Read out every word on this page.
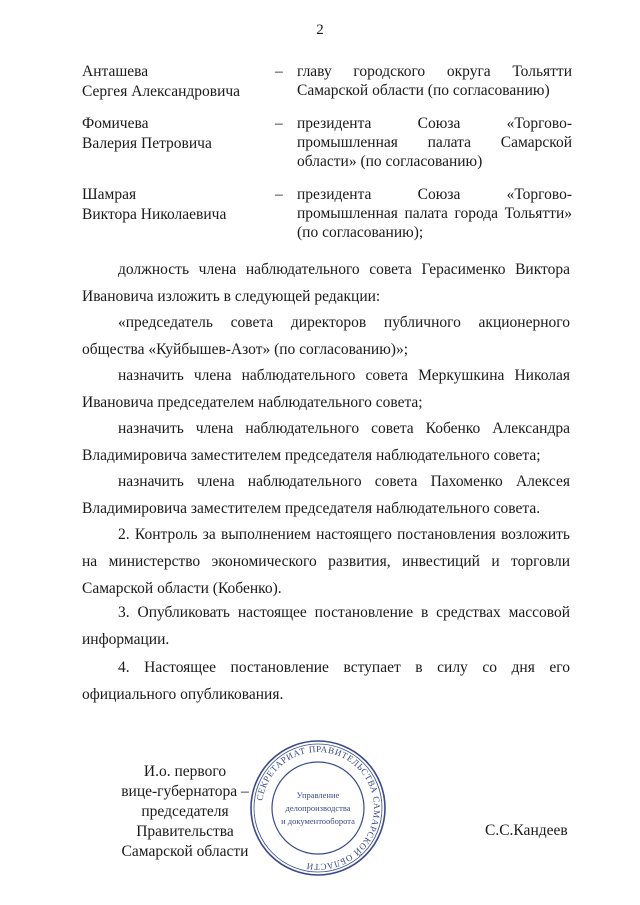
2
Анташева
Сергея Александровича
– главу городского округа Тольятти Самарской области (по согласованию)
Фомичева
Валерия Петровича
– президента Союза «Торгово-промышленная палата Самарской области» (по согласованию)
Шамрая
Виктора Николаевича
– президента Союза «Торгово-промышленная палата города Тольятти» (по согласованию);

должность члена наблюдательного совета Герасименко Виктора Ивановича изложить в следующей редакции:

«председатель совета директоров публичного акционерного общества «Куйбышев-Азот» (по согласованию)»;

назначить члена наблюдательного совета Меркушкина Николая Ивановича председателем наблюдательного совета;

назначить члена наблюдательного совета Кобенко Александра Владимировича заместителем председателя наблюдательного совета;

назначить члена наблюдательного совета Пахоменко Алексея Владимировича заместителем председателя наблюдательного совета.

2. Контроль за выполнением настоящего постановления возложить на министерство экономического развития, инвестиций и торговли Самарской области (Кобенко).

3. Опубликовать настоящее постановление в средствах массовой информации.

4. Настоящее постановление вступает в силу со дня его официального опубликования.

И.о. первого
вице-губернатора –
председателя Правительства
Самарской области
СЕКРЕТАРИАТ ПРАВИТЕЛЬСТВА САМАРСКОЙ ОБЛАСТИ
Управление
делопроизводства
и документооборота
С.С.Кандеев
